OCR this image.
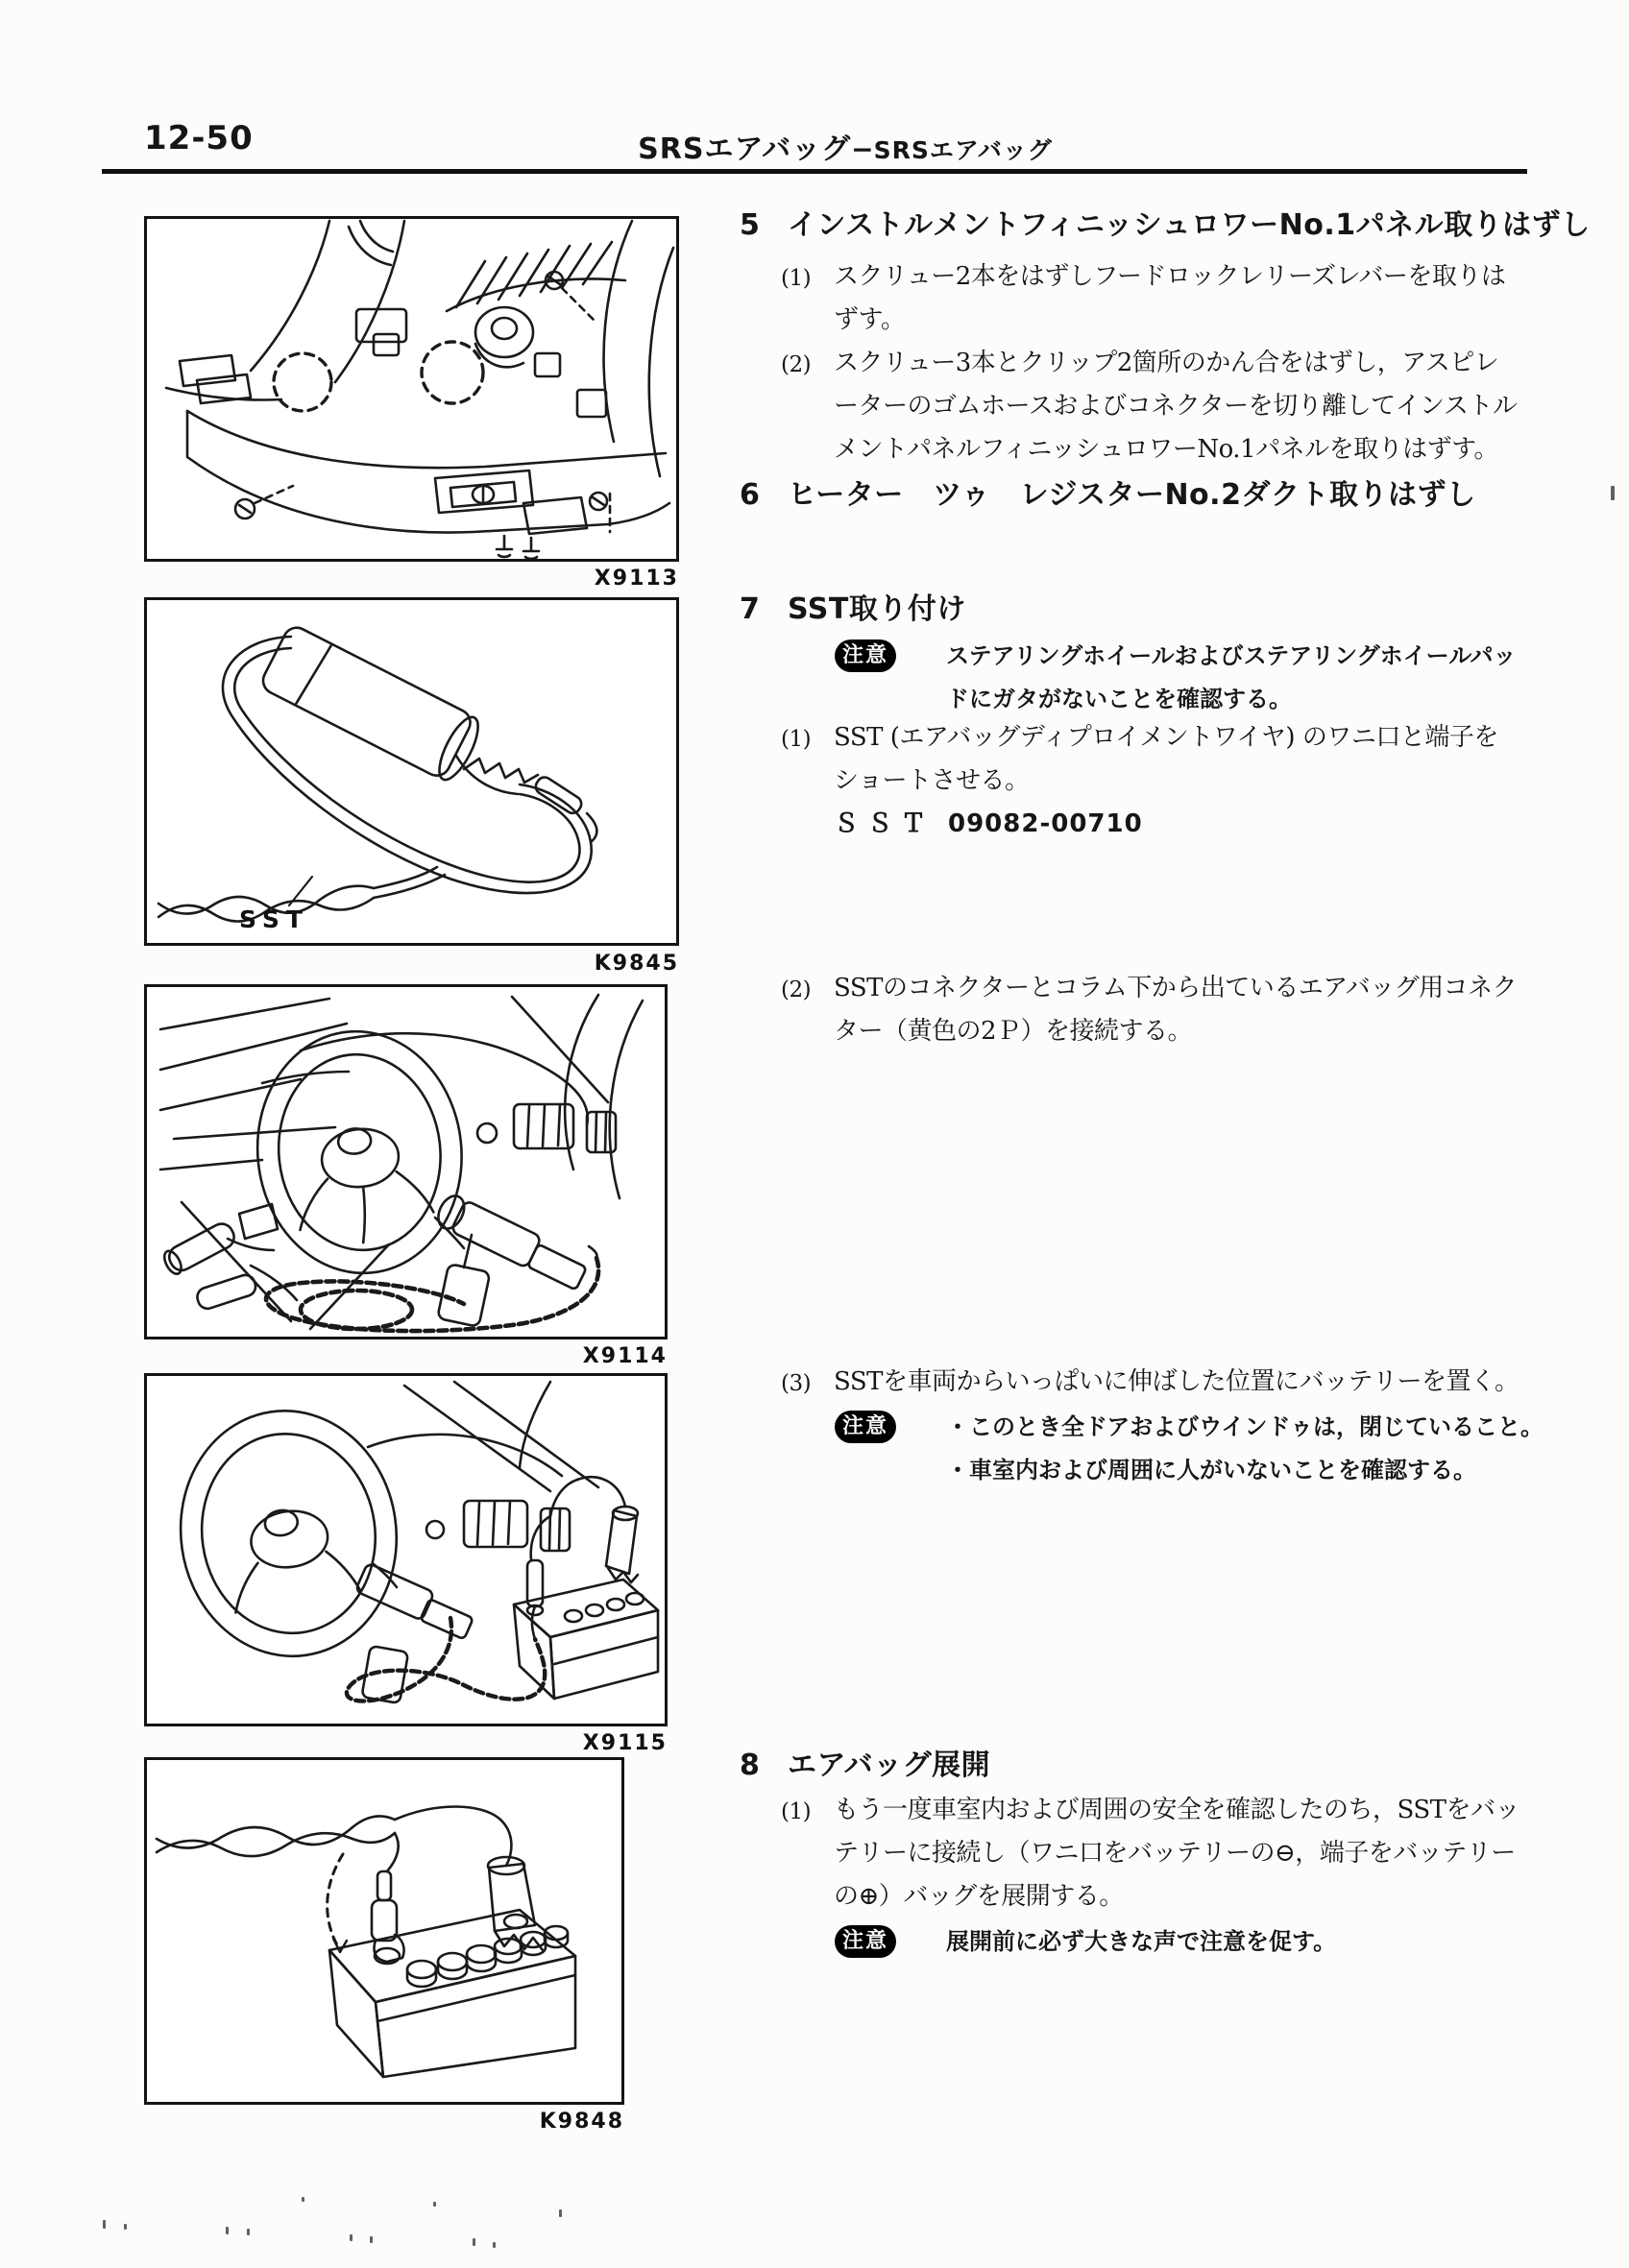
12-50	SRSエアバッグ−SRSエアバッグ
X9113
SST
K9845
X9114
X9115
K9848
5 インストルメントフィニッシュロワーNo.1パネル取りはずし
(1) スクリュー2本をはずしフードロックレリーズレバーを取りは
ずす。
(2) スクリュー3本とクリップ2箇所のかん合をはずし，アスピレ
ーターのゴムホースおよびコネクターを切り離してインストル
メントパネルフィニッシュロワーNo.1パネルを取りはずす。
6 ヒーター　ツゥ　レジスターNo.2ダクト取りはずし
7 SST取り付け
注意	ステアリングホイールおよびステアリングホイールパッ
ドにガタがないことを確認する。
(1) SST (エアバッグディプロイメントワイヤ) のワニ口と端子を
ショートさせる。
ＳＳＴ 09082-00710
(2) SSTのコネクターとコラム下から出ているエアバッグ用コネク
ター（黄色の2Ｐ）を接続する。
(3) SSTを車両からいっぱいに伸ばした位置にバッテリーを置く。
注意	・このとき全ドアおよびウインドゥは，閉じていること。
・車室内および周囲に人がいないことを確認する。
8 エアバッグ展開
(1) もう一度車室内および周囲の安全を確認したのち，SSTをバッ
テリーに接続し（ワニ口をバッテリーの⊖，端子をバッテリー
の⊕）バッグを展開する。
注意	展開前に必ず大きな声で注意を促す。
